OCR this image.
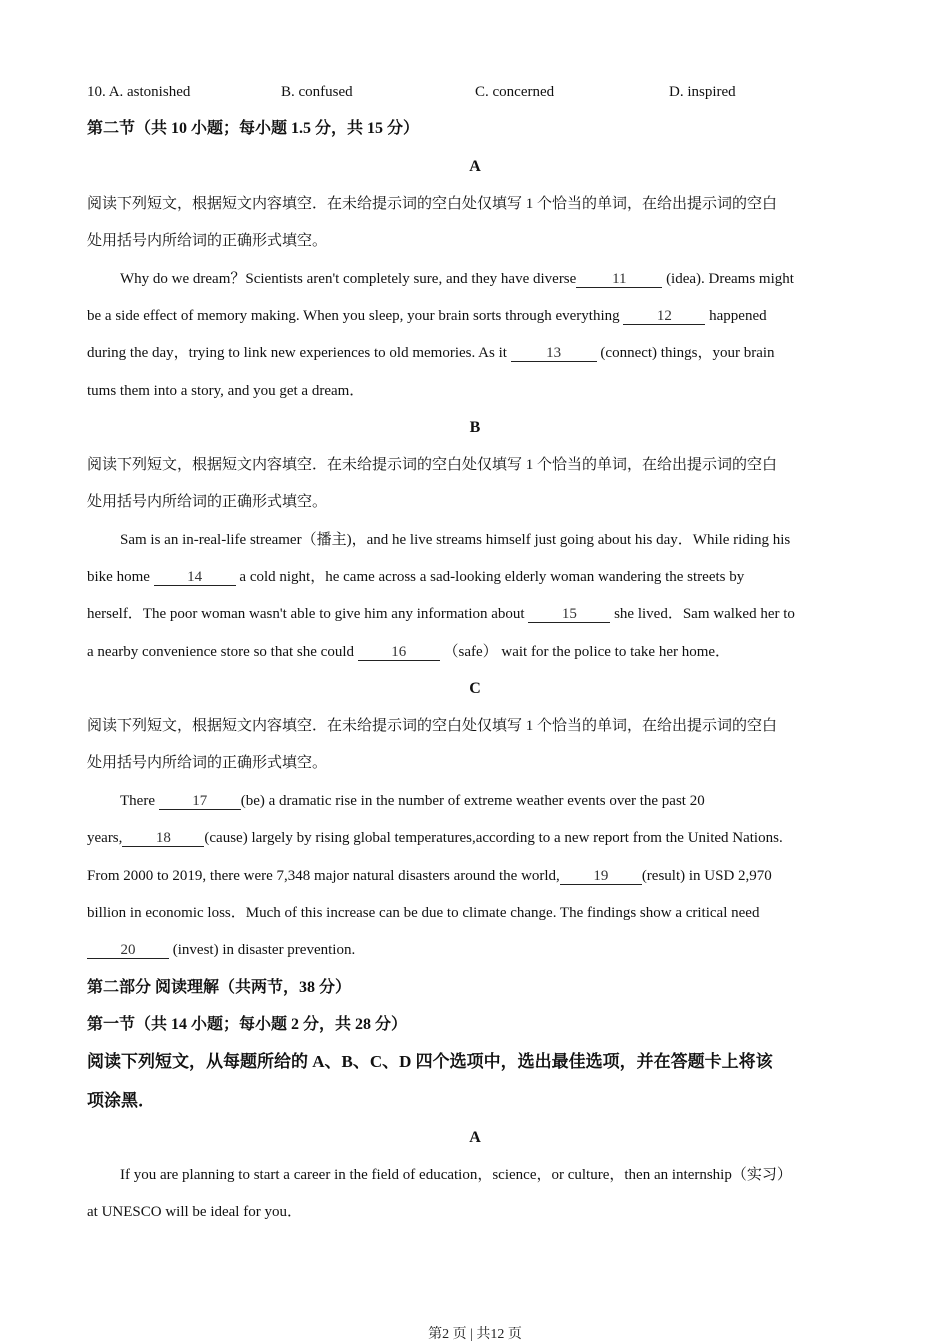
10. A. astonished	B. confused	C. concerned	D. inspired
第二节（共 10 小题；每小题 1.5 分，共 15 分）
A
阅读下列短文，根据短文内容填空．在未给提示词的空白处仅填写 1 个恰当的单词，在给出提示词的空白
处用括号内所给词的正确形式填空。
Why do we dream？Scientists aren't completely sure, and they have diverse 11	(idea). Dreams might
be a side effect of memory making. When you sleep, your brain sorts through everything 12 happened
during the day，trying to link new experiences to old memories. As it	13	(connect) things，your brain
tums them into a story, and you get a dream．
B
阅读下列短文，根据短文内容填空．在未给提示词的空白处仅填写 1 个恰当的单词，在给出提示词的空白
处用括号内所给词的正确形式填空。
Sam is an in-real-life streamer（播主)，and he live streams himself just going about his day．While riding his
bike home 14 a cold night，he came across a sad-looking elderly woman wandering the streets by
herself．The poor woman wasn't able to give him any information about 15 she lived．Sam walked her to
a nearby convenience store so that she could 16 （safe） wait for the police to take her home．
C
阅读下列短文，根据短文内容填空．在未给提示词的空白处仅填写 1 个恰当的单词，在给出提示词的空白
处用括号内所给词的正确形式填空。
There 17 (be) a dramatic rise in the number of extreme weather events over the past 20
years, 18 (cause) largely by rising global temperatures,according to a new report from the United Nations.
From 2000 to 2019, there were 7,348 major natural disasters around the world, 19 (result) in USD 2,970
billion in economic loss．Much of this increase can be due to climate change. The findings show a critical need
20 (invest) in disaster prevention.
第二部分 阅读理解（共两节，38 分）
第一节（共 14 小题；每小题 2 分，共 28 分）
阅读下列短文，从每题所给的 A、B、C、D 四个选项中，选出最佳选项，并在答题卡上将该
项涂黑．
A
If you are planning to start a career in the field of education，science，or culture，then an internship（实习）
at UNESCO will be ideal for you．
第2 页 | 共12 页
